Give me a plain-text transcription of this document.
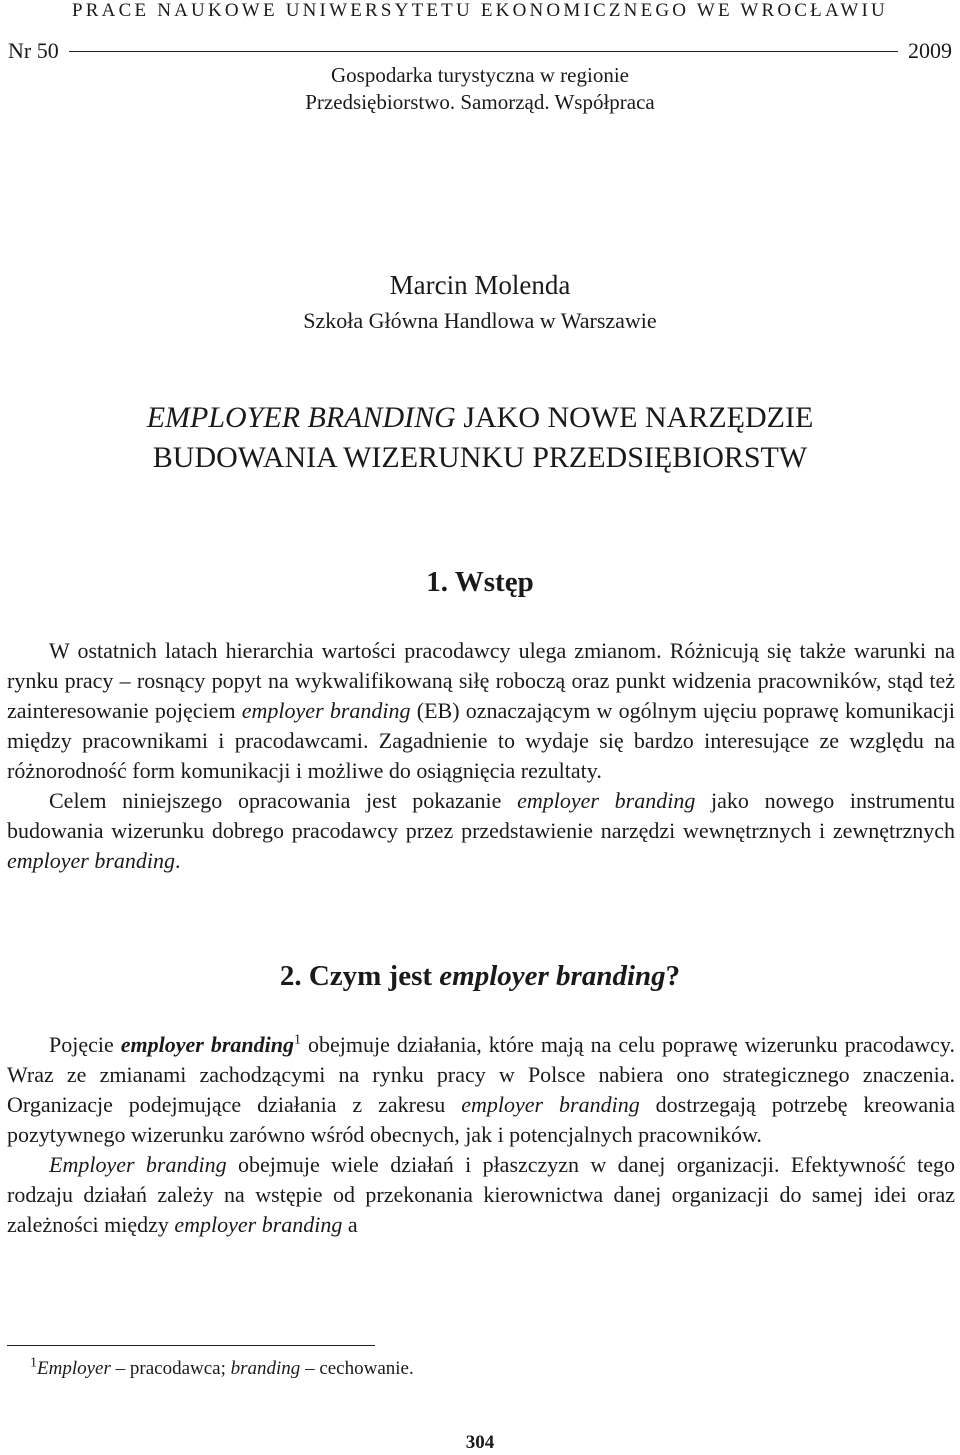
PRACE NAUKOWE UNIWERSYTETU EKONOMICZNEGO WE WROCŁAWIU
Nr 50	2009
Gospodarka turystyczna w regionie
Przedsiębiorstwo. Samorząd. Współpraca
Marcin Molenda
Szkoła Główna Handlowa w Warszawie
EMPLOYER BRANDING JAKO NOWE NARZĘDZIE
BUDOWANIA WIZERUNKU PRZEDSIĘBIORSTW
1. Wstęp

W ostatnich latach hierarchia wartości pracodawcy ulega zmianom. Różnicują się także warunki na rynku pracy – rosnący popyt na wykwalifikowaną siłę roboczą oraz punkt widzenia pracowników, stąd też zainteresowanie pojęciem employer branding (EB) oznaczającym w ogólnym ujęciu poprawę komunikacji między pracownikami i pracodawcami. Zagadnienie to wydaje się bardzo interesujące ze względu na różnorodność form komunikacji i możliwe do osiągnięcia rezultaty.

Celem niniejszego opracowania jest pokazanie employer branding jako nowego instrumentu budowania wizerunku dobrego pracodawcy przez przedstawienie narzędzi wewnętrznych i zewnętrznych employer branding.

2. Czym jest employer branding?

Pojęcie employer branding$^1$ obejmuje działania, które mają na celu poprawę wizerunku pracodawcy. Wraz ze zmianami zachodzącymi na rynku pracy w Polsce nabiera ono strategicznego znaczenia. Organizacje podejmujące działania z zakresu employer branding dostrzegają potrzebę kreowania pozytywnego wizerunku zarówno wśród obecnych, jak i potencjalnych pracowników.

Employer branding obejmuje wiele działań i płaszczyzn w danej organizacji. Efektywność tego rodzaju działań zależy na wstępie od przekonania kierownictwa danej organizacji do samej idei oraz zależności między employer branding a

$^1$Employer – pracodawca; branding – cechowanie.
304
